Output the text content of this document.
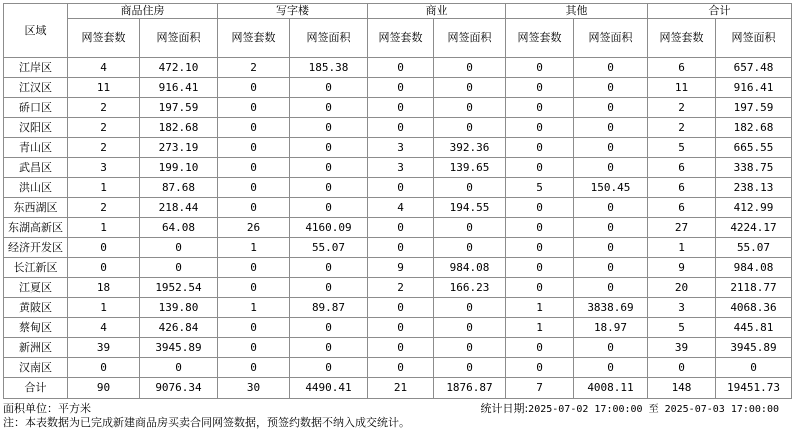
区域	商品住房		写字楼		商业		其他		合计	
	网签套数	网签面积	网签套数	网签面积	网签套数	网签面积	网签套数	网签面积	网签套数	网签面积
江岸区	4	472.10	2	185.38	0	0	0	0	6	657.48
江汉区	11	916.41	0	0	0	0	0	0	11	916.41
硚口区	2	197.59	0	0	0	0	0	0	2	197.59
汉阳区	2	182.68	0	0	0	0	0	0	2	182.68
青山区	2	273.19	0	0	3	392.36	0	0	5	665.55
武昌区	3	199.10	0	0	3	139.65	0	0	6	338.75
洪山区	1	87.68	0	0	0	0	5	150.45	6	238.13
东西湖区	2	218.44	0	0	4	194.55	0	0	6	412.99
东湖高新区	1	64.08	26	4160.09	0	0	0	0	27	4224.17
经济开发区	0	0	1	55.07	0	0	0	0	1	55.07
长江新区	0	0	0	0	9	984.08	0	0	9	984.08
江夏区	18	1952.54	0	0	2	166.23	0	0	20	2118.77
黄陂区	1	139.80	1	89.87	0	0	1	3838.69	3	4068.36
蔡甸区	4	426.84	0	0	0	0	1	18.97	5	445.81
新洲区	39	3945.89	0	0	0	0	0	0	39	3945.89
汉南区	0	0	0	0	0	0	0	0	0	0
合计	90	9076.34	30	4490.41	21	1876.87	7	4008.11	148	19451.73
面积单位：平方米	统计日期:2025-07-02 17:00:00 至 2025-07-03 17:00:00
注：本表数据为已完成新建商品房买卖合同网签数据，预签约数据不纳入成交统计。
